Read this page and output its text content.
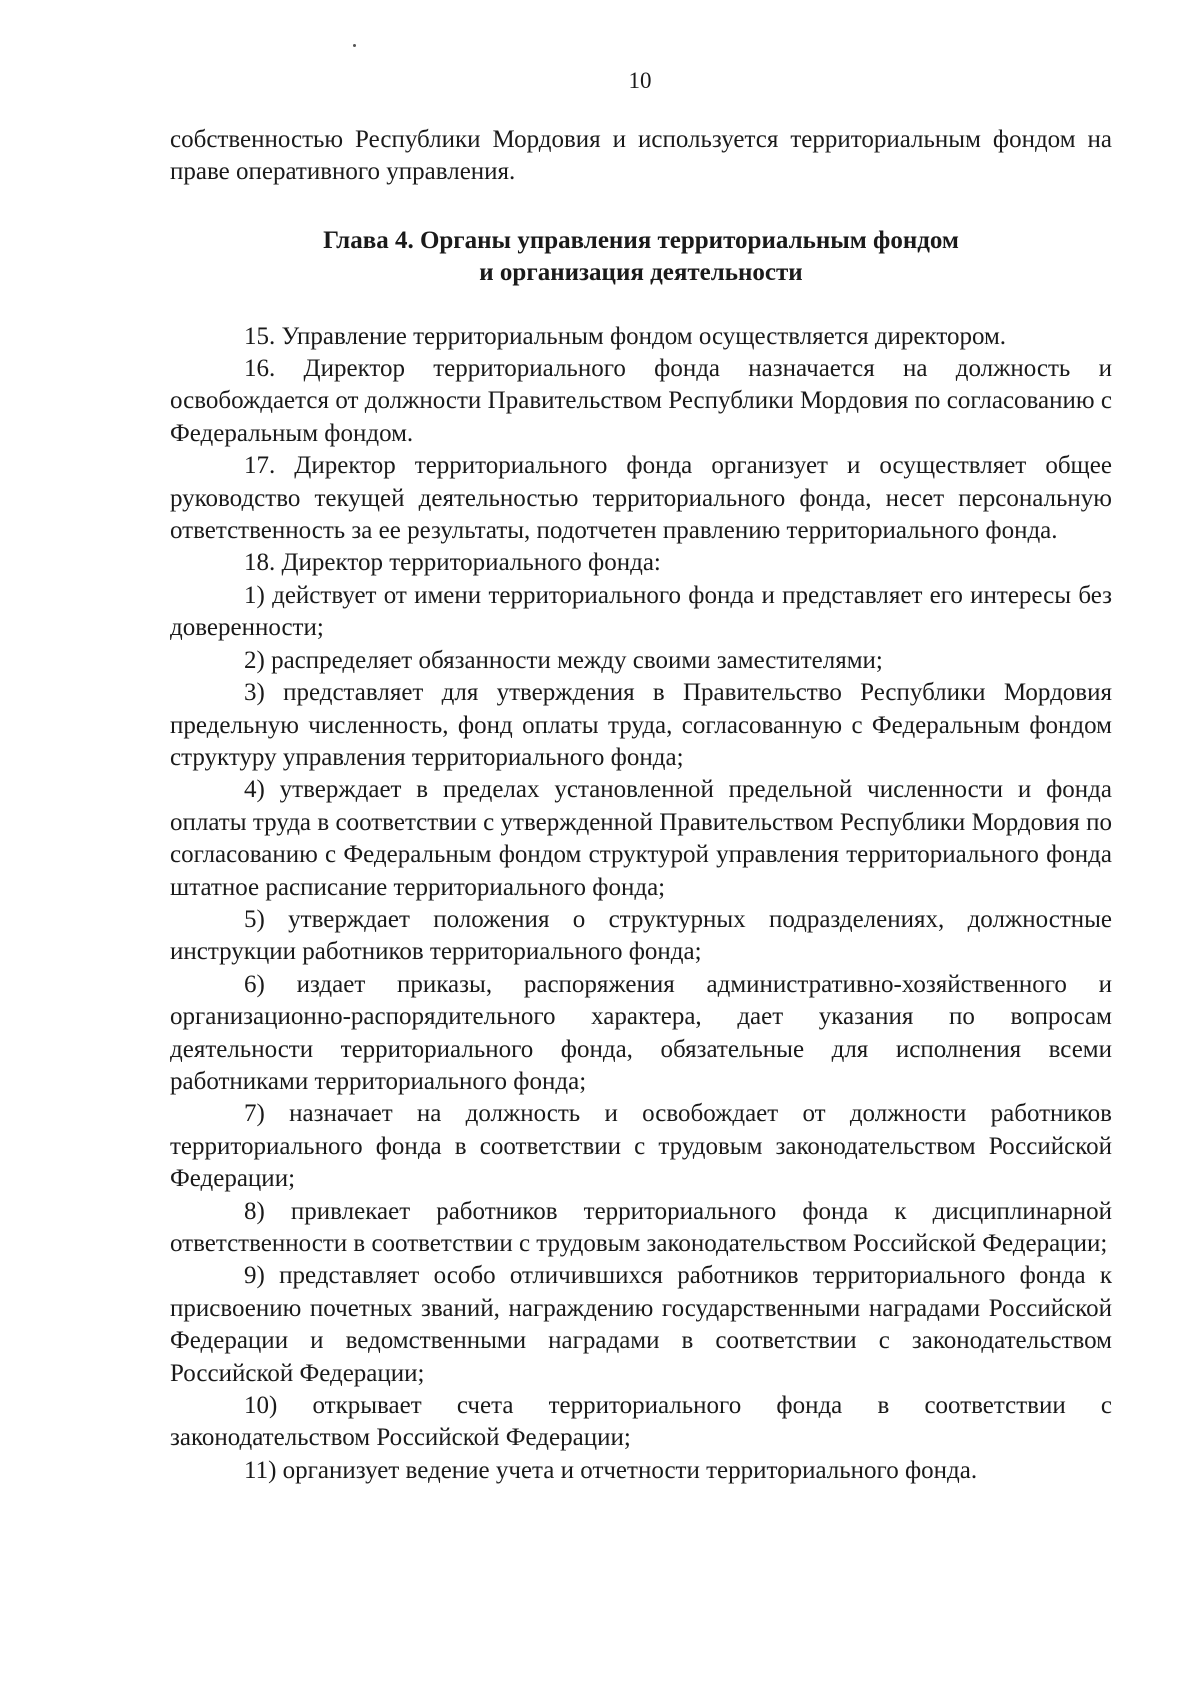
10

собственностью Республики Мордовия и используется территориальным фондом на праве оперативного управления.

Глава 4. Органы управления территориальным фондом
и организация деятельности

15. Управление территориальным фондом осуществляется директором.

16. Директор территориального фонда назначается на должность и освобождается от должности Правительством Республики Мордовия по согласованию с Федеральным фондом.

17. Директор территориального фонда организует и осуществляет общее руководство текущей деятельностью территориального фонда, несет персональную ответственность за ее результаты, подотчетен правлению территориального фонда.

18. Директор территориального фонда:

1) действует от имени территориального фонда и представляет его интересы без доверенности;

2) распределяет обязанности между своими заместителями;

3) представляет для утверждения в Правительство Республики Мордовия предельную численность, фонд оплаты труда, согласованную с Федеральным фондом структуру управления территориального фонда;

4) утверждает в пределах установленной предельной численности и фонда оплаты труда в соответствии с утвержденной Правительством Республики Мордовия по согласованию с Федеральным фондом структурой управления территориального фонда штатное расписание территориального фонда;

5) утверждает положения о структурных подразделениях, должностные инструкции работников территориального фонда;

6) издает приказы, распоряжения административно-хозяйственного и организационно-распорядительного характера, дает указания по вопросам деятельности территориального фонда, обязательные для исполнения всеми работниками территориального фонда;

7) назначает на должность и освобождает от должности работников территориального фонда в соответствии с трудовым законодательством Российской Федерации;

8) привлекает работников территориального фонда к дисциплинарной ответственности в соответствии с трудовым законодательством Российской Федерации;

9) представляет особо отличившихся работников территориального фонда к присвоению почетных званий, награждению государственными наградами Российской Федерации и ведомственными наградами в соответствии с законодательством Российской Федерации;

10) открывает счета территориального фонда в соответствии с законодательством Российской Федерации;

11) организует ведение учета и отчетности территориального фонда.
